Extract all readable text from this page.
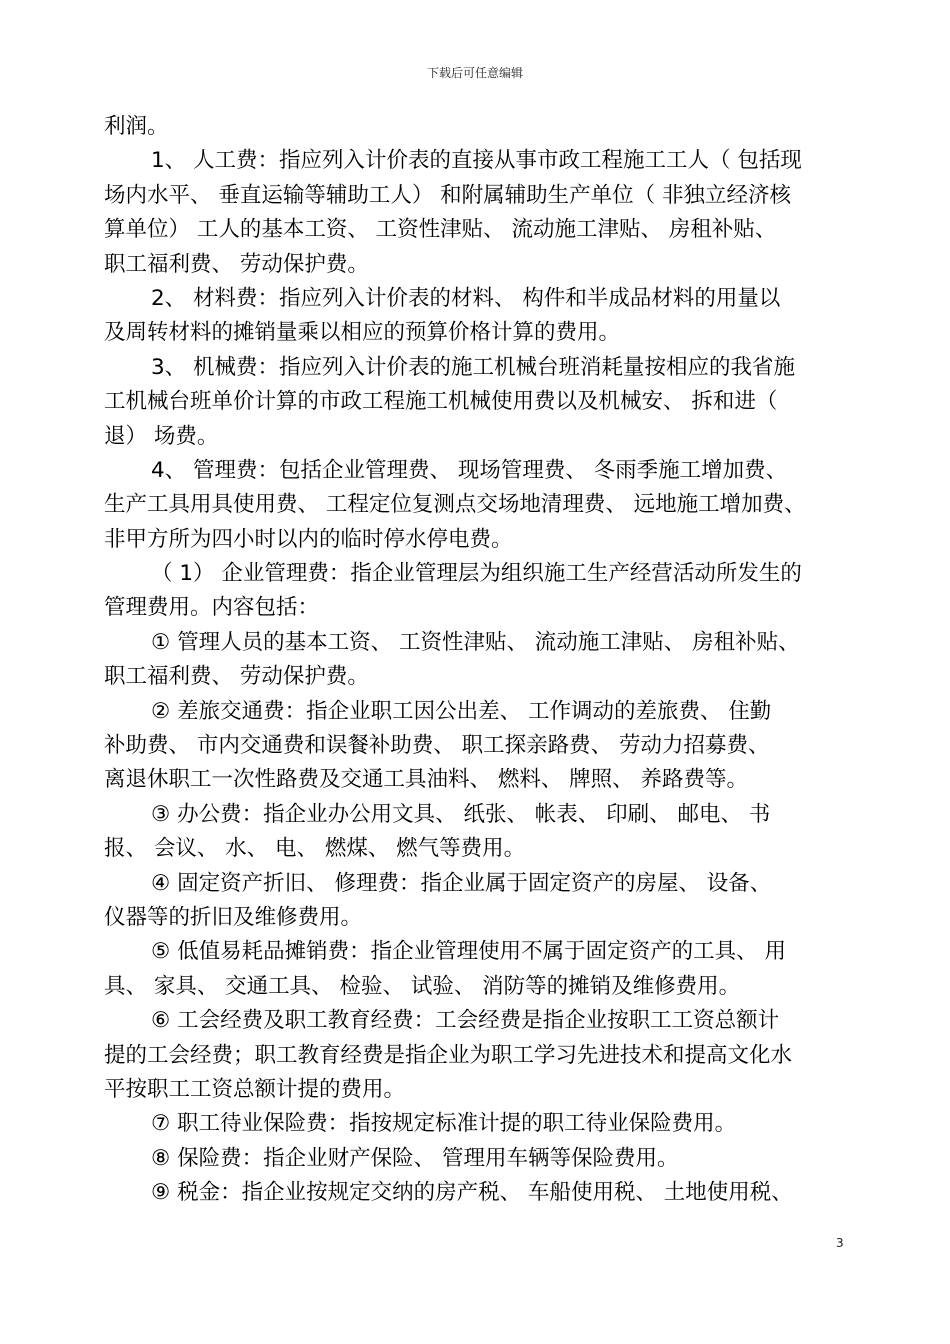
下载后可任意编辑
利润。
1、 人工费：指应列入计价表的直接从事市政工程施工工人（ 包括现
场内水平、 垂直运输等辅助工人） 和附属辅助生产单位（ 非独立经济核
算单位） 工人的基本工资、 工资性津贴、 流动施工津贴、 房租补贴、
职工福利费、 劳动保护费。
2、 材料费：指应列入计价表的材料、 构件和半成品材料的用量以
及周转材料的摊销量乘以相应的预算价格计算的费用。
3、 机械费：指应列入计价表的施工机械台班消耗量按相应的我省施
工机械台班单价计算的市政工程施工机械使用费以及机械安、 拆和进（
退） 场费。
4、 管理费：包括企业管理费、 现场管理费、 冬雨季施工增加费、
生产工具用具使用费、 工程定位复测点交场地清理费、 远地施工增加费、
非甲方所为四小时以内的临时停水停电费。
（ 1） 企业管理费：指企业管理层为组织施工生产经营活动所发生的
管理费用。内容包括：
① 管理人员的基本工资、 工资性津贴、 流动施工津贴、 房租补贴、
职工福利费、 劳动保护费。
② 差旅交通费：指企业职工因公出差、 工作调动的差旅费、 住勤
补助费、 市内交通费和误餐补助费、 职工探亲路费、 劳动力招募费、
离退休职工一次性路费及交通工具油料、 燃料、 牌照、 养路费等。
③ 办公费：指企业办公用文具、 纸张、 帐表、 印刷、 邮电、 书
报、 会议、 水、 电、 燃煤、 燃气等费用。
④ 固定资产折旧、 修理费：指企业属于固定资产的房屋、 设备、
仪器等的折旧及维修费用。
⑤ 低值易耗品摊销费：指企业管理使用不属于固定资产的工具、 用
具、 家具、 交通工具、 检验、 试验、 消防等的摊销及维修费用。
⑥ 工会经费及职工教育经费：工会经费是指企业按职工工资总额计
提的工会经费；职工教育经费是指企业为职工学习先进技术和提高文化水
平按职工工资总额计提的费用。
⑦ 职工待业保险费：指按规定标准计提的职工待业保险费用。
⑧ 保险费：指企业财产保险、 管理用车辆等保险费用。
⑨ 税金：指企业按规定交纳的房产税、 车船使用税、 土地使用税、
3
